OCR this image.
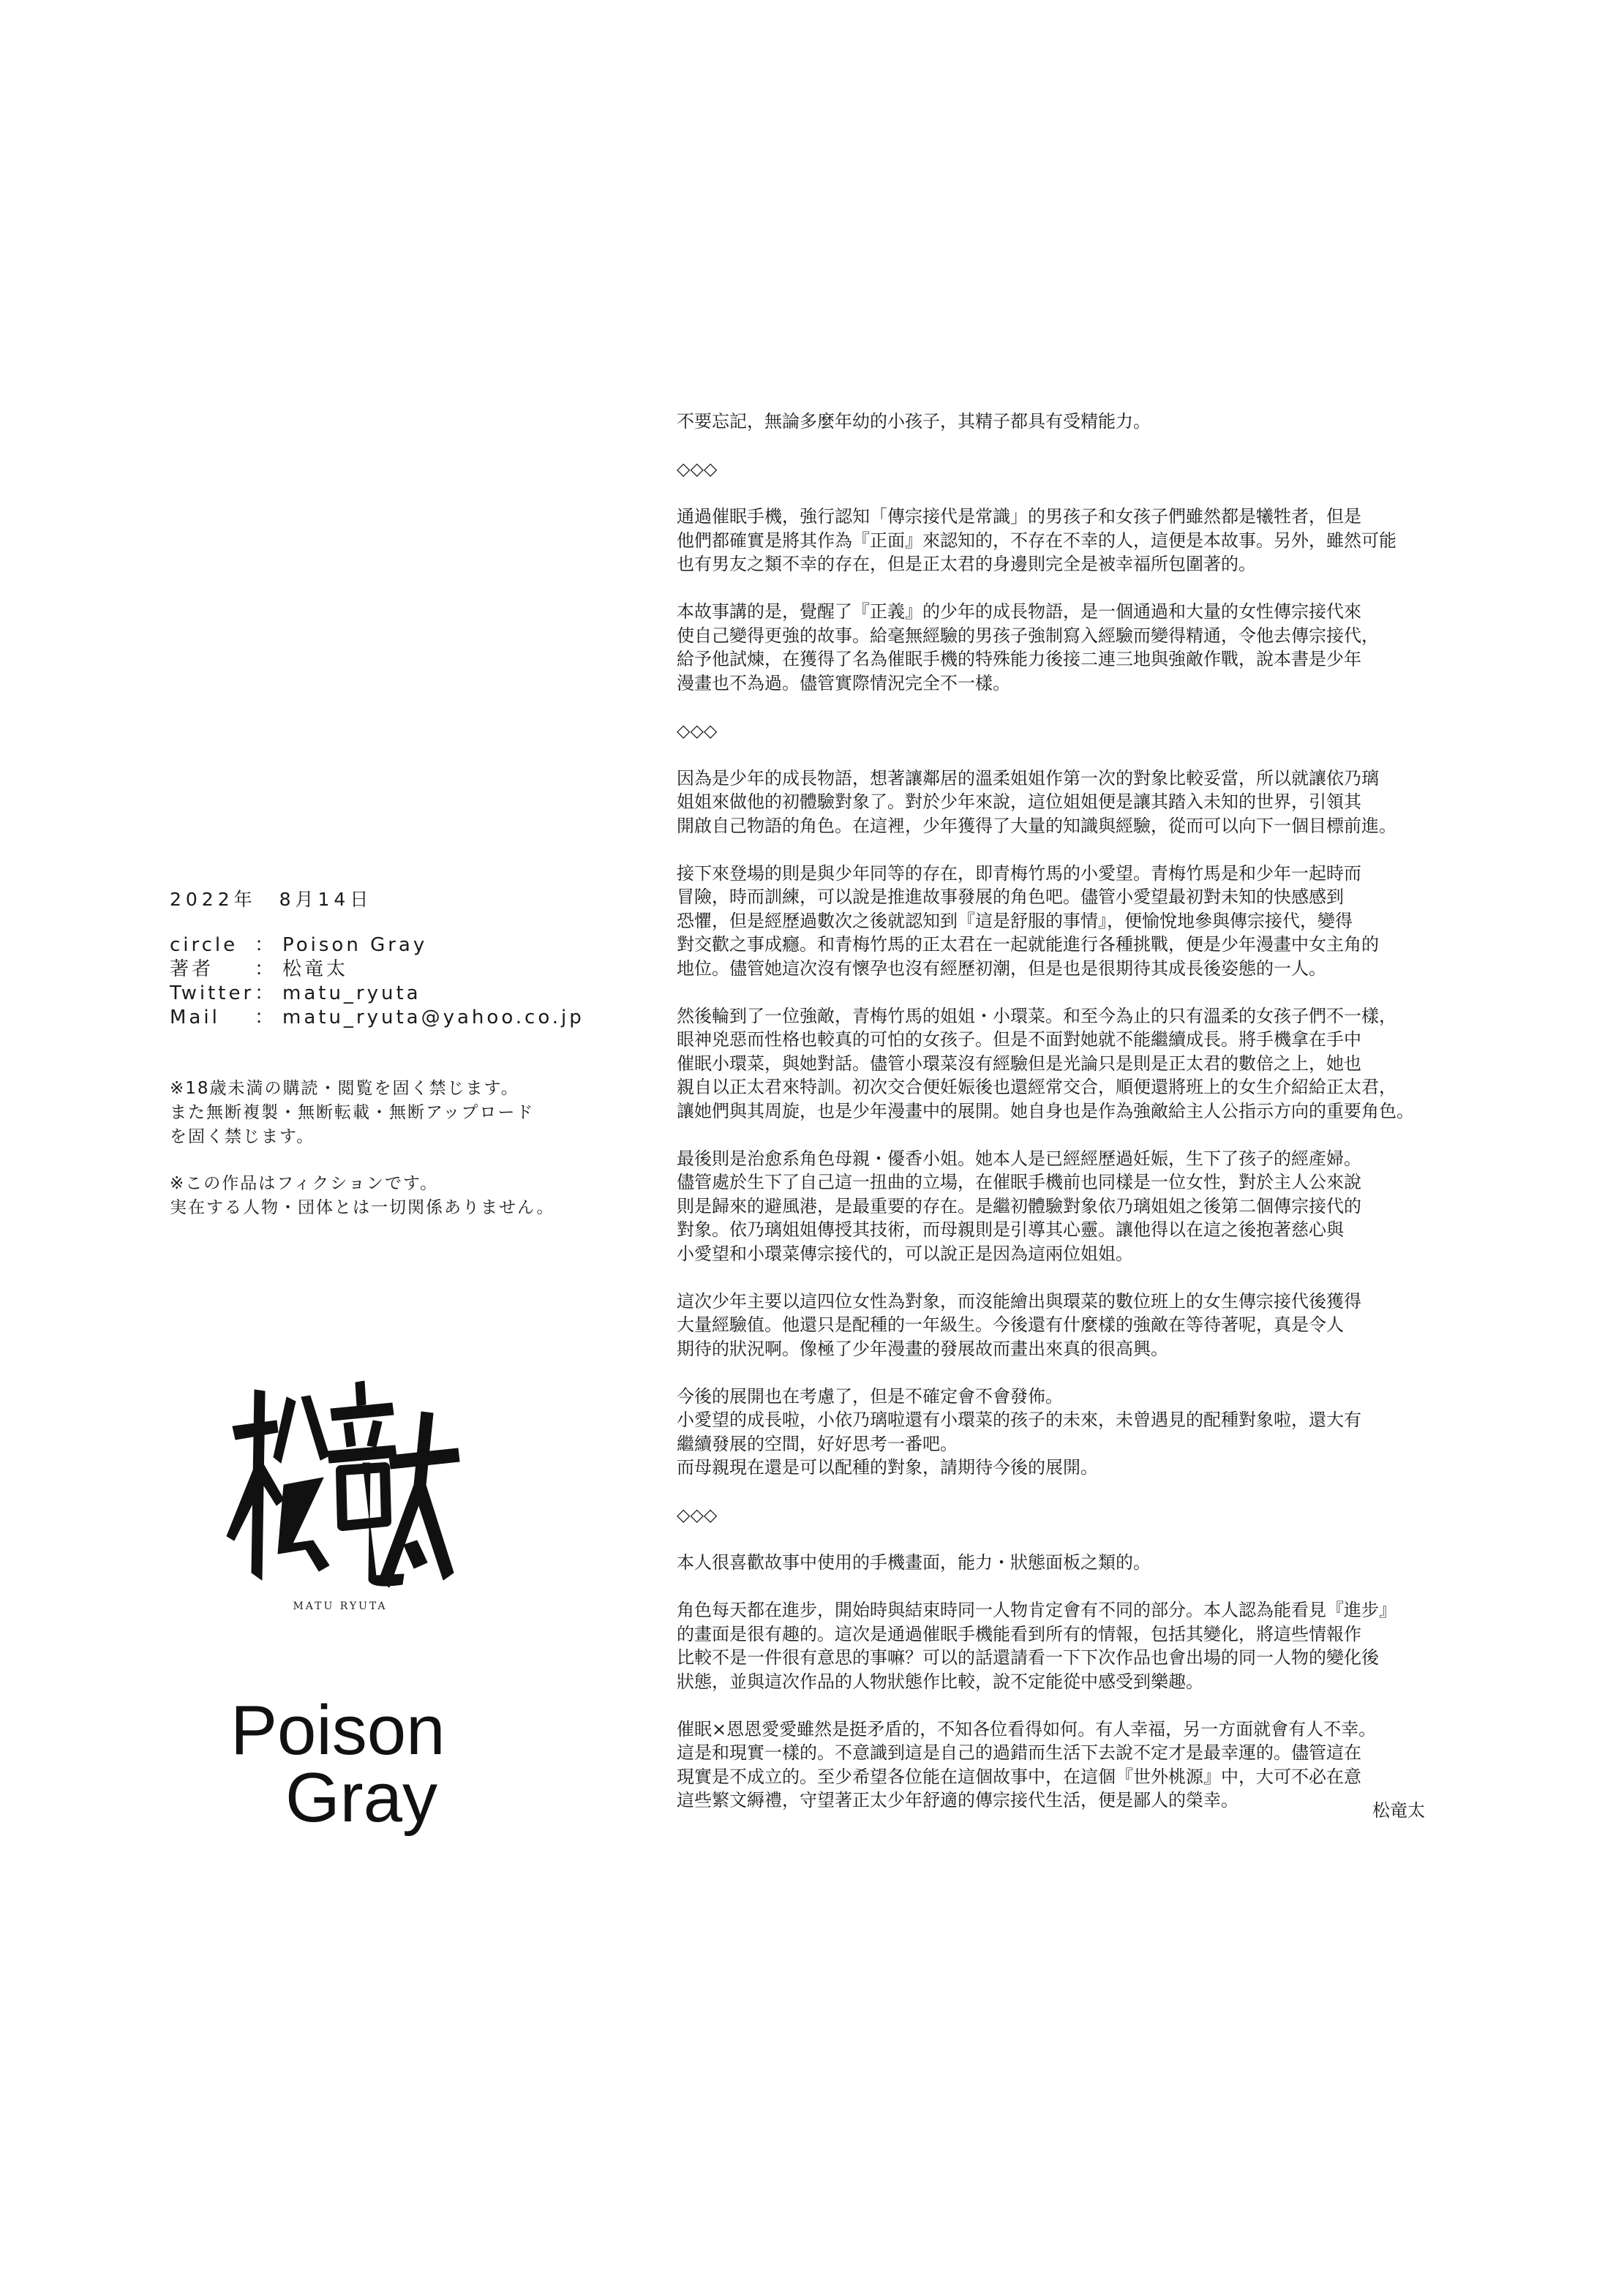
2022年　8月14日
circle ： Poison Gray
著者	： 松竜太
Twitter ： matu_ryuta
Mail	： matu_ryuta@yahoo.co.jp
※18歳未満の購読・閲覧を固く禁じます。
また無断複製・無断転載・無断アップロード
を固く禁じます。
※この作品はフィクションです。
実在する人物・団体とは一切関係ありません。
MATU RYUTA
Poison
Gray
不要忘記，無論多麼年幼的小孩子，其精子都具有受精能力。
◇◇◇
通過催眠手機，強行認知「傳宗接代是常識」的男孩子和女孩子們雖然都是犧牲者，但是
他們都確實是將其作為『正面』來認知的，不存在不幸的人，這便是本故事。另外，雖然可能
也有男友之類不幸的存在，但是正太君的身邊則完全是被幸福所包圍著的。
本故事講的是，覺醒了『正義』的少年的成長物語，是一個通過和大量的女性傳宗接代來
使自己變得更強的故事。給毫無經驗的男孩子強制寫入經驗而變得精通，令他去傳宗接代，
給予他試煉，在獲得了名為催眠手機的特殊能力後接二連三地與強敵作戰，說本書是少年
漫畫也不為過。儘管實際情況完全不一樣。
◇◇◇
因為是少年的成長物語，想著讓鄰居的溫柔姐姐作第一次的對象比較妥當，所以就讓依乃璃
姐姐來做他的初體驗對象了。對於少年來說，這位姐姐便是讓其踏入未知的世界，引領其
開啟自己物語的角色。在這裡，少年獲得了大量的知識與經驗，從而可以向下一個目標前進。
接下來登場的則是與少年同等的存在，即青梅竹馬的小愛望。青梅竹馬是和少年一起時而
冒險，時而訓練，可以說是推進故事發展的角色吧。儘管小愛望最初對未知的快感感到
恐懼，但是經歷過數次之後就認知到『這是舒服的事情』，便愉悅地參與傳宗接代，變得
對交歡之事成癮。和青梅竹馬的正太君在一起就能進行各種挑戰，便是少年漫畫中女主角的
地位。儘管她這次沒有懷孕也沒有經歷初潮，但是也是很期待其成長後姿態的一人。
然後輪到了一位強敵，青梅竹馬的姐姐・小環菜。和至今為止的只有溫柔的女孩子們不一樣，
眼神兇惡而性格也較真的可怕的女孩子。但是不面對她就不能繼續成長。將手機拿在手中
催眠小環菜，與她對話。儘管小環菜沒有經驗但是光論只是則是正太君的數倍之上，她也
親自以正太君來特訓。初次交合便妊娠後也還經常交合，順便還將班上的女生介紹給正太君，
讓她們與其周旋，也是少年漫畫中的展開。她自身也是作為強敵給主人公指示方向的重要角色。
最後則是治愈系角色母親・優香小姐。她本人是已經經歷過妊娠，生下了孩子的經產婦。
儘管處於生下了自己這一扭曲的立場，在催眠手機前也同樣是一位女性，對於主人公來說
則是歸來的避風港，是最重要的存在。是繼初體驗對象依乃璃姐姐之後第二個傳宗接代的
對象。依乃璃姐姐傳授其技術，而母親則是引導其心靈。讓他得以在這之後抱著慈心與
小愛望和小環菜傳宗接代的，可以說正是因為這兩位姐姐。
這次少年主要以這四位女性為對象，而沒能繪出與環菜的數位班上的女生傳宗接代後獲得
大量經驗值。他還只是配種的一年級生。今後還有什麼樣的強敵在等待著呢，真是令人
期待的狀況啊。像極了少年漫畫的發展故而畫出來真的很高興。
今後的展開也在考慮了，但是不確定會不會發佈。
小愛望的成長啦，小依乃璃啦還有小環菜的孩子的未來，未曾遇見的配種對象啦，還大有
繼續發展的空間，好好思考一番吧。
而母親現在還是可以配種的對象，請期待今後的展開。
◇◇◇
本人很喜歡故事中使用的手機畫面，能力・狀態面板之類的。
角色每天都在進步，開始時與結束時同一人物肯定會有不同的部分。本人認為能看見『進步』
的畫面是很有趣的。這次是通過催眠手機能看到所有的情報，包括其變化，將這些情報作
比較不是一件很有意思的事嘛？可以的話還請看一下下次作品也會出場的同一人物的變化後
狀態，並與這次作品的人物狀態作比較，說不定能從中感受到樂趣。
催眠×恩恩愛愛雖然是挺矛盾的，不知各位看得如何。有人幸福，另一方面就會有人不幸。
這是和現實一樣的。不意識到這是自己的過錯而生活下去說不定才是最幸運的。儘管這在
現實是不成立的。至少希望各位能在這個故事中，在這個『世外桃源』中，大可不必在意
這些繁文縟禮，守望著正太少年舒適的傳宗接代生活，便是鄙人的榮幸。	松竜太
